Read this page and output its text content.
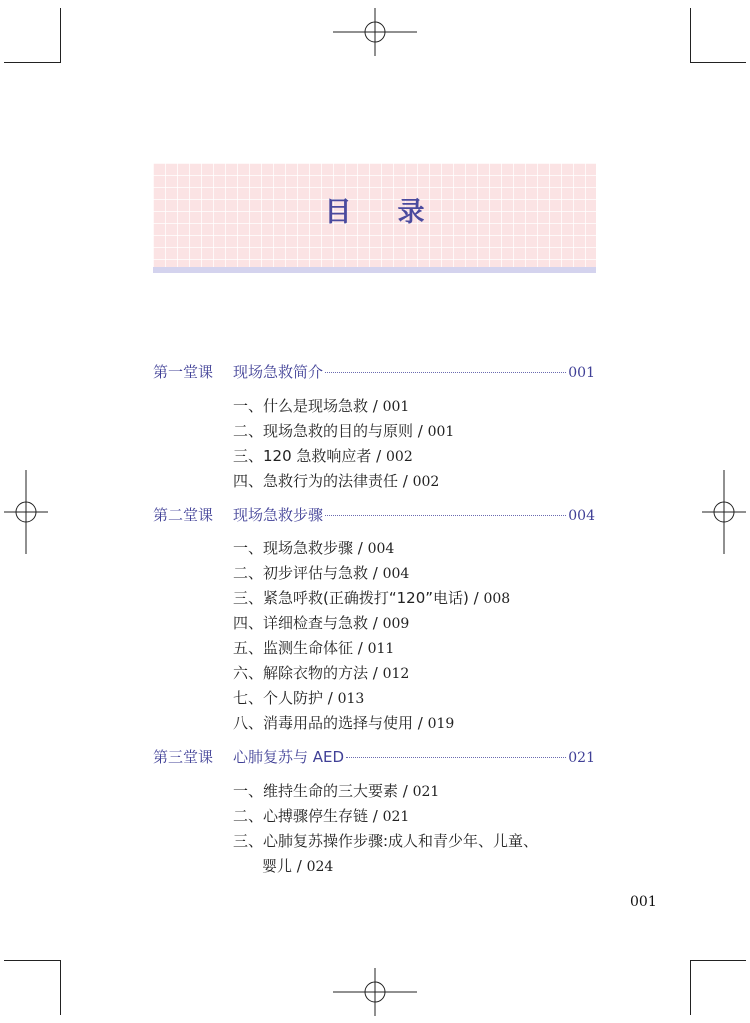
目录
第一堂课 现场急救简介	001
一、什么是现场急救 / 001
二、现场急救的目的与原则 / 001
三、120 急救响应者 / 002
四、急救行为的法律责任 / 002
第二堂课 现场急救步骤	004
一、现场急救步骤 / 004
二、初步评估与急救 / 004
三、紧急呼救(正确拨打“120”电话) / 008
四、详细检查与急救 / 009
五、监测生命体征 / 011
六、解除衣物的方法 / 012
七、个人防护 / 013
八、消毒用品的选择与使用 / 019
第三堂课 心肺复苏与 AED	021
一、维持生命的三大要素 / 021
二、心搏骤停生存链 / 021
三、心肺复苏操作步骤:成人和青少年、儿童、
婴儿 / 024
001
